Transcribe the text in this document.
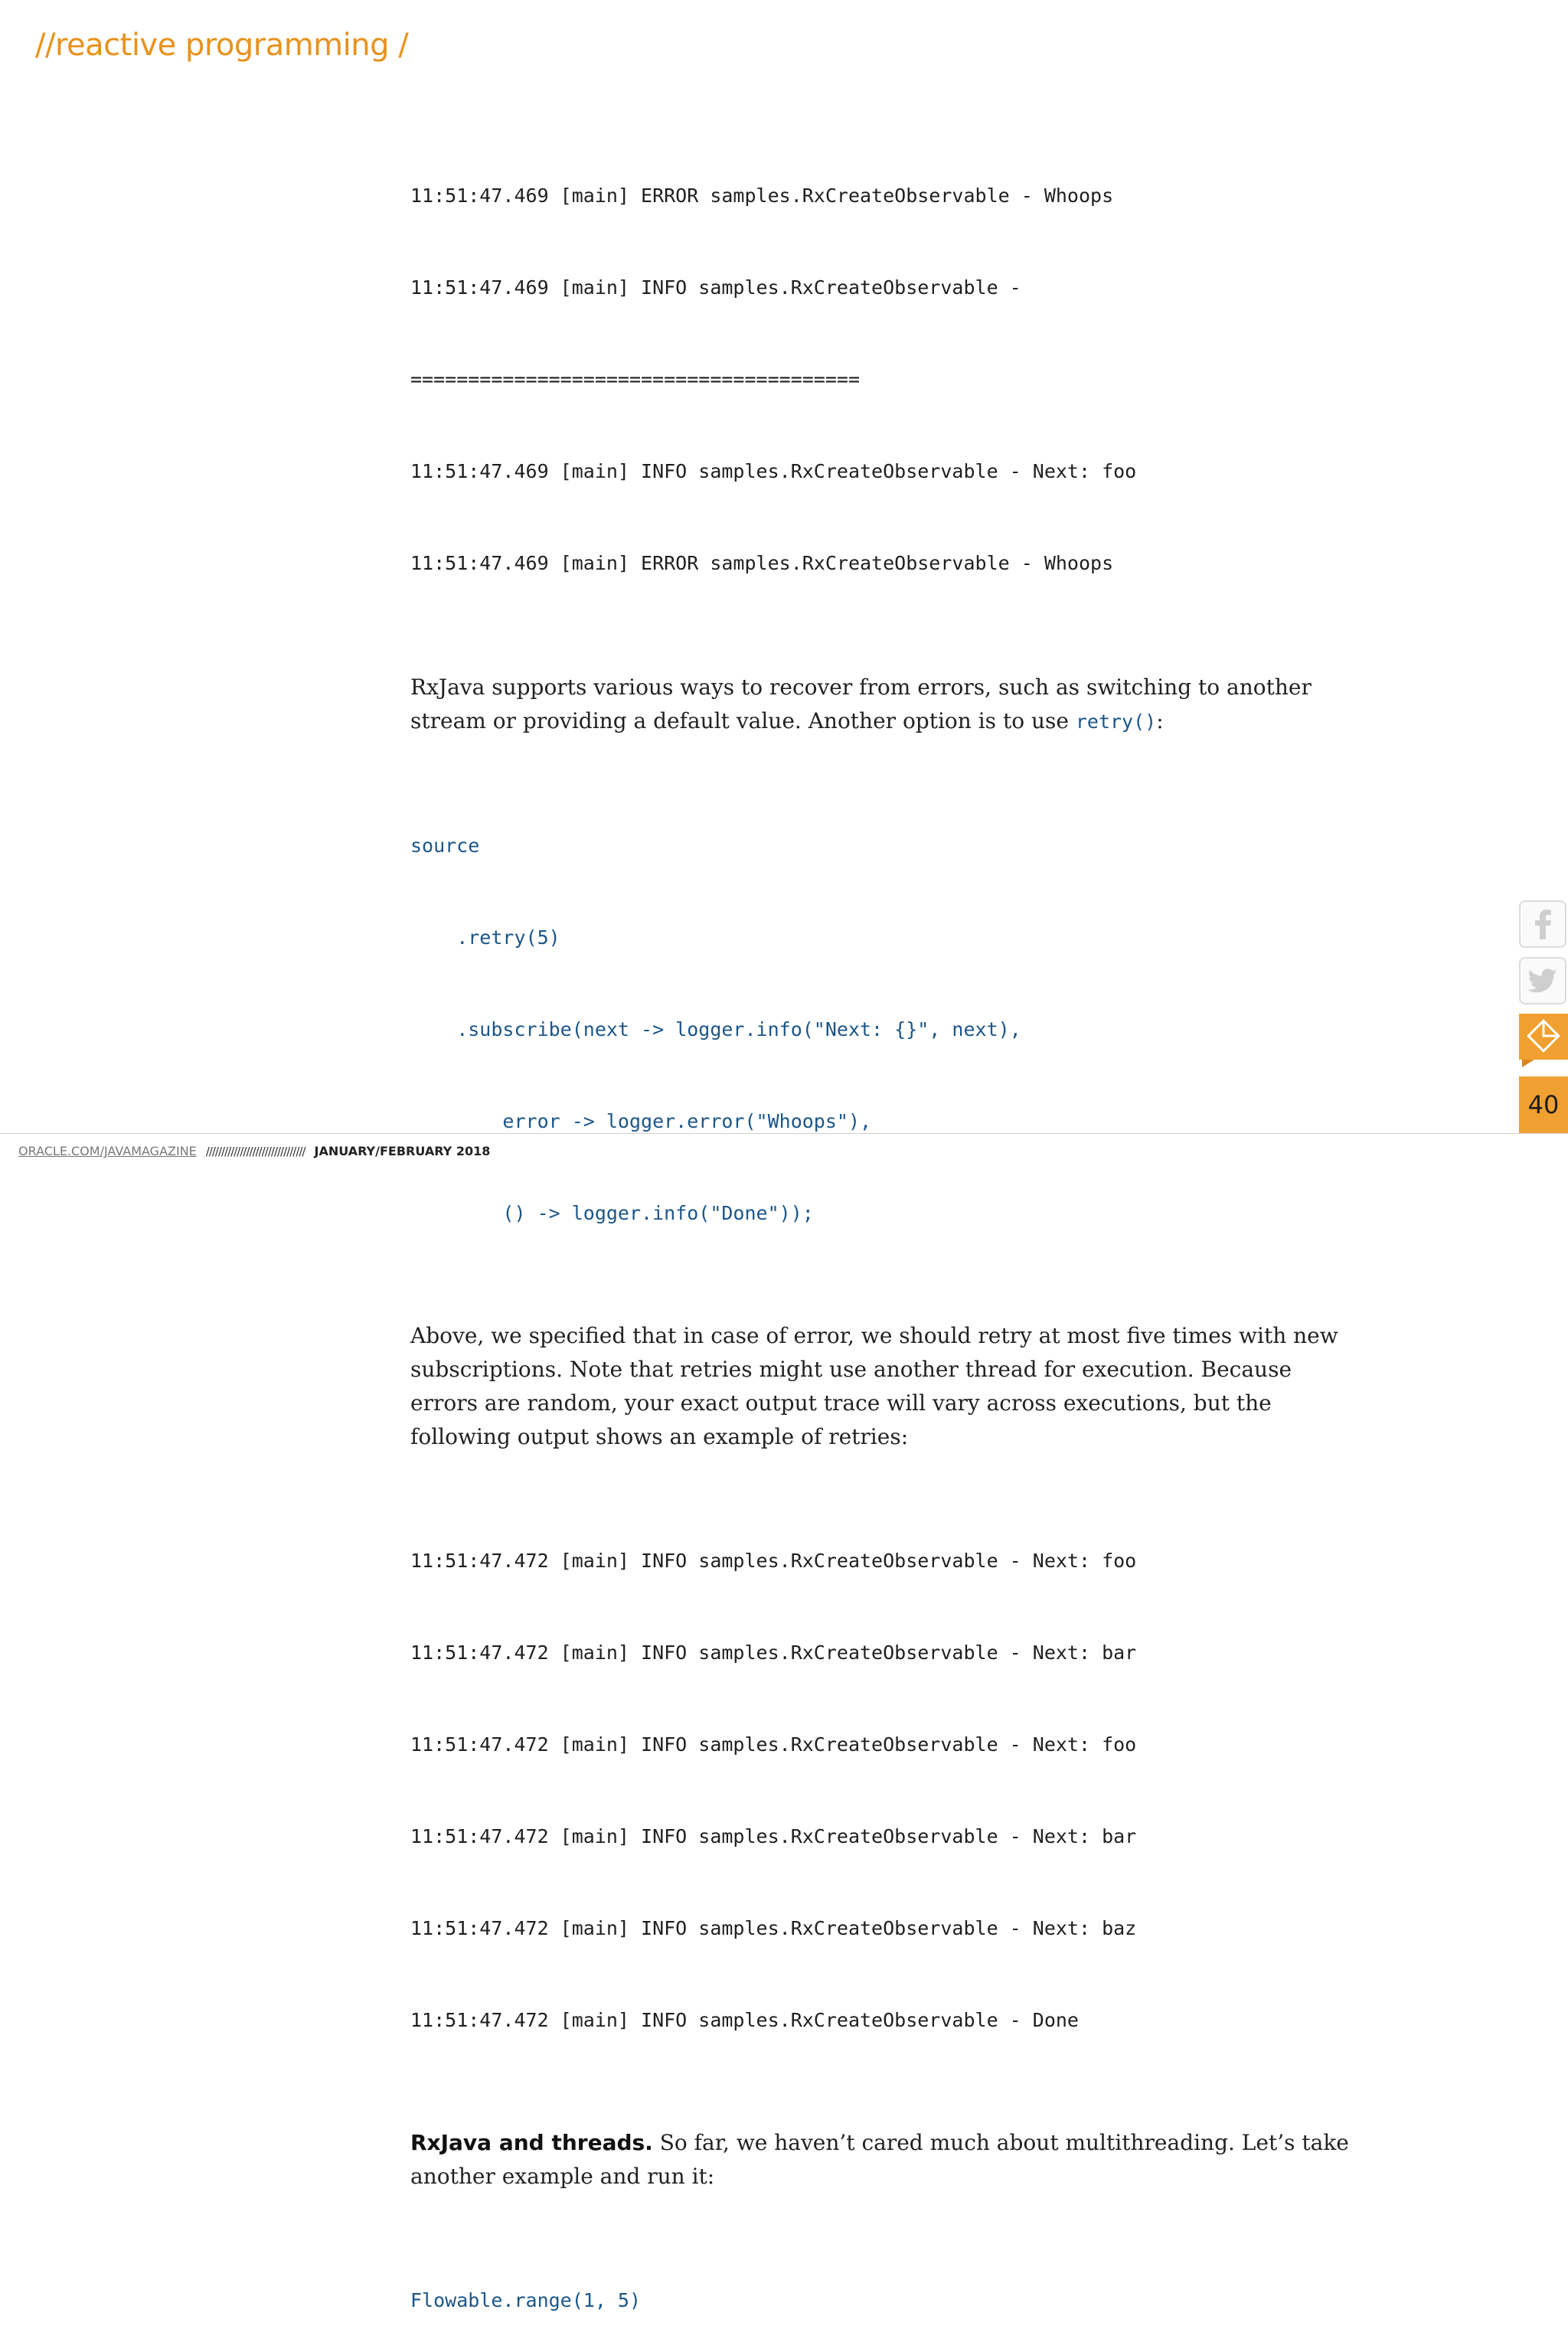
//reactive programming /

11:51:47.469 [main] ERROR samples.RxCreateObservable - Whoops

11:51:47.469 [main] INFO samples.RxCreateObservable -

=======================================

11:51:47.469 [main] INFO samples.RxCreateObservable - Next: foo

11:51:47.469 [main] ERROR samples.RxCreateObservable - Whoops

RxJava supports various ways to recover from errors, such as switching to another stream or providing a default value. Another option is to use retry():

source

.retry(5)

.subscribe(next -> logger.info("Next: {}", next),

error -> logger.error("Whoops"),

() -> logger.info("Done"));

Above, we specified that in case of error, we should retry at most five times with new subscriptions. Note that retries might use another thread for execution. Because errors are random, your exact output trace will vary across executions, but the following output shows an example of retries:

11:51:47.472 [main] INFO samples.RxCreateObservable - Next: foo

11:51:47.472 [main] INFO samples.RxCreateObservable - Next: bar

11:51:47.472 [main] INFO samples.RxCreateObservable - Next: foo

11:51:47.472 [main] INFO samples.RxCreateObservable - Next: bar

11:51:47.472 [main] INFO samples.RxCreateObservable - Next: baz

11:51:47.472 [main] INFO samples.RxCreateObservable - Done

RxJava and threads. So far, we haven’t cared much about multithreading. Let’s take another example and run it:

Flowable.range(1, 5)

ORACLE.COM/JAVAMAGAZINE //////////////////////////////// JANUARY/FEBRUARY 2018
40
